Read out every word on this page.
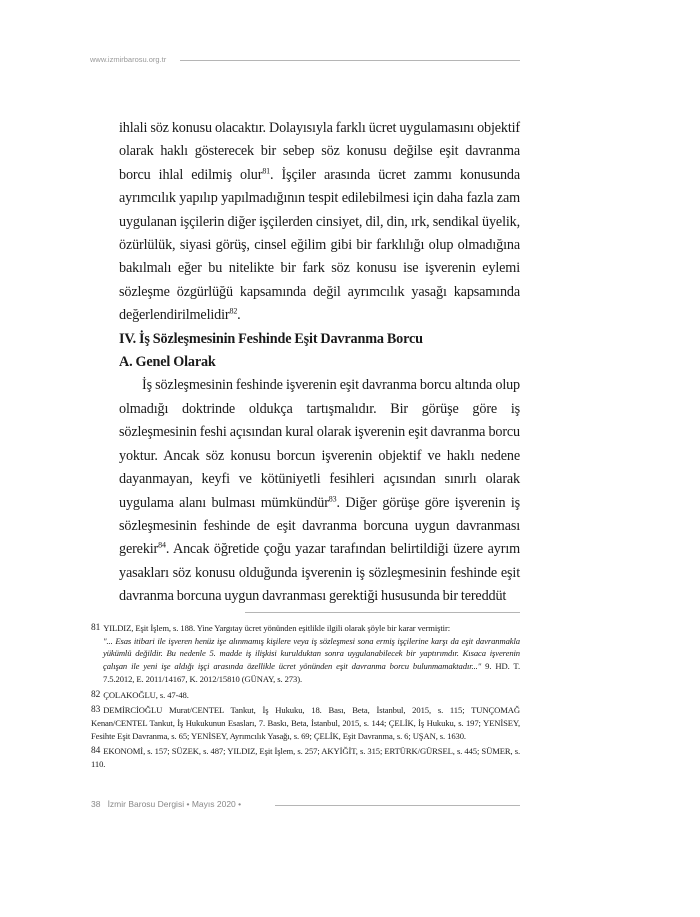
www.izmirbarosu.org.tr

ihlali söz konusu olacaktır. Dolayısıyla farklı ücret uygulamasını objektif olarak haklı gösterecek bir sebep söz konusu değilse eşit davranma borcu ihlal edilmiş olur$^{81}$. İşçiler arasında ücret zammı konusunda ayrımcılık yapılıp yapılmadığının tespit edilebilmesi için daha fazla zam uygulanan işçilerin diğer işçilerden cinsiyet, dil, din, ırk, sendikal üyelik, özürlülük, siyasi görüş, cinsel eğilim gibi bir farklılığı olup olmadığına bakılmalı eğer bu nitelikte bir fark söz konusu ise işverenin eylemi sözleşme özgürlüğü kapsamında değil ayrımcılık yasağı kapsamında değerlendirilmelidir$^{82}$.

IV. İş Sözleşmesinin Feshinde Eşit Davranma Borcu

A. Genel Olarak

İş sözleşmesinin feshinde işverenin eşit davranma borcu altında olup olmadığı doktrinde oldukça tartışmalıdır. Bir görüşe göre iş sözleşmesinin feshi açısından kural olarak işverenin eşit davranma borcu yoktur. Ancak söz konusu borcun işverenin objektif ve haklı nedene dayanmayan, keyfi ve kötüniyetli fesihleri açısından sınırlı olarak uygulama alanı bulması mümkündür$^{83}$. Diğer görüşe göre işverenin iş sözleşmesinin feshinde de eşit davranma borcuna uygun davranması gerekir$^{84}$. Ancak öğretide çoğu yazar tarafından belirtildiği üzere ayrım yasakları söz konusu olduğunda işverenin iş sözleşmesinin feshinde eşit davranma borcuna uygun davranması gerektiği hususunda bir tereddüt

81 YILDIZ, Eşit İşlem, s. 188. Yine Yargıtay ücret yönünden eşitlikle ilgili olarak şöyle bir karar vermiştir:
"... Esas itibari ile işveren henüz işe alınmamış kişilere veya iş sözleşmesi sona ermiş işçilerine karşı da eşit davranmakla yükümlü değildir. Bu nedenle 5. madde iş ilişkisi kurulduktan sonra uygulanabilecek bir yaptırımdır. Kısaca işverenin çalışan ile yeni işe aldığı işçi arasında özellikle ücret yönünden eşit davranma borcu bulunmamaktadır..." 9. HD. T. 7.5.2012, E. 2011/14167, K. 2012/15810 (GÜNAY, s. 273).
82 ÇOLAKOĞLU, s. 47-48.
83 DEMİRCİOĞLU Murat/CENTEL Tankut, İş Hukuku, 18. Bası, Beta, İstanbul, 2015, s. 115; TUNÇOMAĞ Kenan/CENTEL Tankut, İş Hukukunun Esasları, 7. Baskı, Beta, İstanbul, 2015, s. 144; ÇELİK, İş Hukuku, s. 197; YENİSEY, Fesihte Eşit Davranma, s. 65; YENİSEY, Ayrımcılık Yasağı, s. 69; ÇELİK, Eşit Davranma, s. 6; UŞAN, s. 1630.
84 EKONOMİ, s. 157; SÜZEK, s. 487; YILDIZ, Eşit İşlem, s. 257; AKYİĞİT, s. 315; ERTÜRK/GÜRSEL, s. 445; SÜMER, s. 110.
38 İzmir Barosu Dergisi • Mayıs 2020 •
